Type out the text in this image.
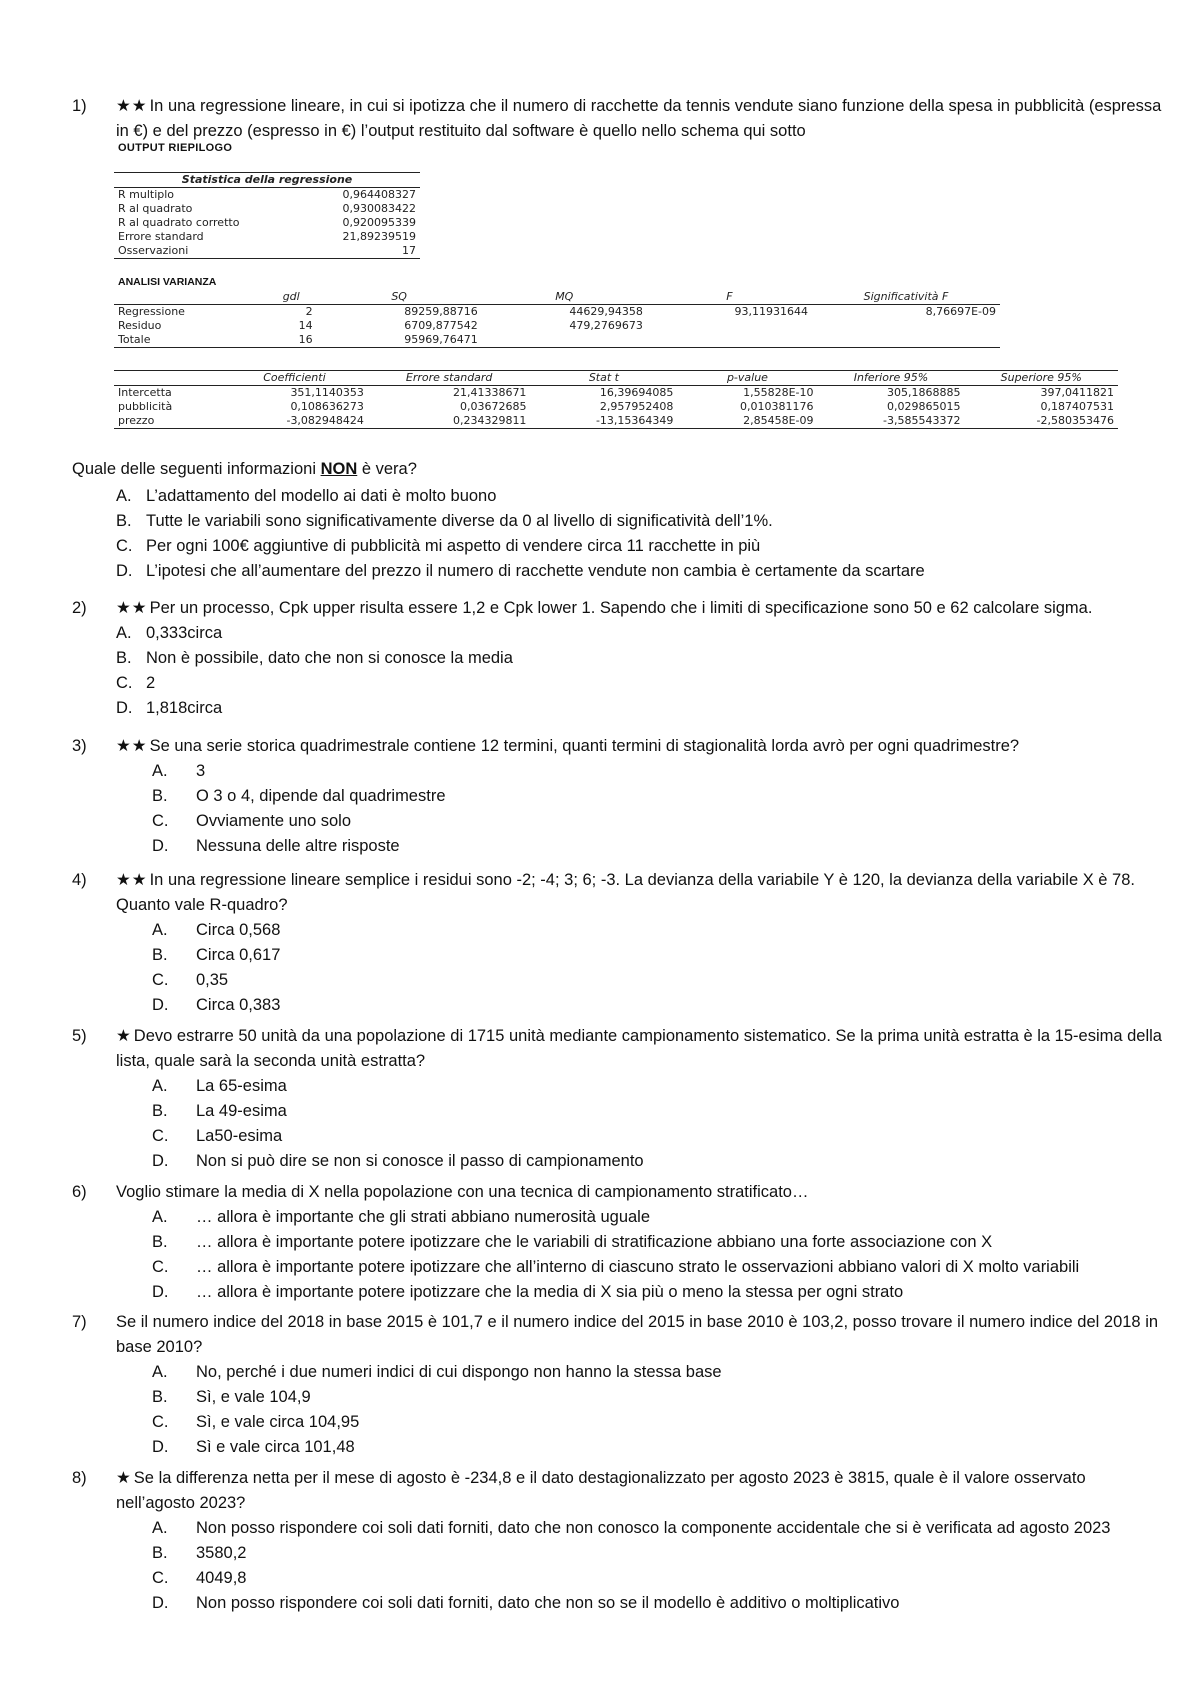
1)	★★ In una regressione lineare, in cui si ipotizza che il numero di racchette da tennis vendute siano funzione della spesa in pubblicità (espressa in €) e del prezzo (espresso in €) l’output restituito dal software è quello nello schema qui sotto
OUTPUT RIEPILOGO
Statistica della regressione	
R multiplo	0,964408327
R al quadrato	0,930083422
R al quadrato corretto	0,920095339
Errore standard	21,89239519
Osservazioni	17
ANALISI VARIANZA
	gdl	SQ	MQ	F	Significatività F
Regressione	2	89259,88716	44629,94358	93,11931644	8,76697E-09
Residuo	14	6709,877542	479,2769673		
Totale	16	95969,76471			
	Coefficienti	Errore standard	Stat t	p-value	Inferiore 95%	Superiore 95%
Intercetta	351,1140353	21,41338671	16,39694085	1,55828E-10	305,1868885	397,0411821
pubblicità	0,108636273	0,03672685	2,957952408	0,010381176	0,029865015	0,187407531
prezzo	-3,082948424	0,234329811	-13,15364349	2,85458E-09	-3,585543372	-2,580353476
Quale delle seguenti informazioni NON è vera?
A. L’adattamento del modello ai dati è molto buono
B. Tutte le variabili sono significativamente diverse da 0 al livello di significatività dell’1%.
C. Per ogni 100€ aggiuntive di pubblicità mi aspetto di vendere circa 11 racchette in più
D. L’ipotesi che all’aumentare del prezzo il numero di racchette vendute non cambia è certamente da scartare
2)	★★ Per un processo, Cpk upper risulta essere 1,2 e Cpk lower 1. Sapendo che i limiti di specificazione sono 50 e 62 calcolare sigma.
A. 0,333circa
B. Non è possibile, dato che non si conosce la media
C. 2
D. 1,818circa
3)	★★ Se una serie storica quadrimestrale contiene 12 termini, quanti termini di stagionalità lorda avrò per ogni quadrimestre?
A.	3
B.	O 3 o 4, dipende dal quadrimestre
C.	Ovviamente uno solo
D.	Nessuna delle altre risposte
4)	★★ In una regressione lineare semplice i residui sono -2; -4; 3; 6; -3. La devianza della variabile Y è 120, la devianza della variabile X è 78. Quanto vale R-quadro?
A.	Circa 0,568
B.	Circa 0,617
C.	0,35
D.	Circa 0,383
5)	★ Devo estrarre 50 unità da una popolazione di 1715 unità mediante campionamento sistematico. Se la prima unità estratta è la 15-esima della lista, quale sarà la seconda unità estratta?
A.	La 65-esima
B.	La 49-esima
C.	La50-esima
D.	Non si può dire se non si conosce il passo di campionamento
6)	Voglio stimare la media di X nella popolazione con una tecnica di campionamento stratificato…
A.	… allora è importante che gli strati abbiano numerosità uguale
B.	… allora è importante potere ipotizzare che le variabili di stratificazione abbiano una forte associazione con X
C.	… allora è importante potere ipotizzare che all’interno di ciascuno strato le osservazioni abbiano valori di X molto variabili
D.	… allora è importante potere ipotizzare che la media di X sia più o meno la stessa per ogni strato
7)	Se il numero indice del 2018 in base 2015 è 101,7 e il numero indice del 2015 in base 2010 è 103,2, posso trovare il numero indice del 2018 in base 2010?
A.	No, perché i due numeri indici di cui dispongo non hanno la stessa base
B.	Sì, e vale 104,9
C.	Sì, e vale circa 104,95
D.	Sì e vale circa 101,48
8)	★ Se la differenza netta per il mese di agosto è -234,8 e il dato destagionalizzato per agosto 2023 è 3815, quale è il valore osservato nell’agosto 2023?
A.	Non posso rispondere coi soli dati forniti, dato che non conosco la componente accidentale che si è verificata ad agosto 2023
B.	3580,2
C.	4049,8
D.	Non posso rispondere coi soli dati forniti, dato che non so se il modello è additivo o moltiplicativo
